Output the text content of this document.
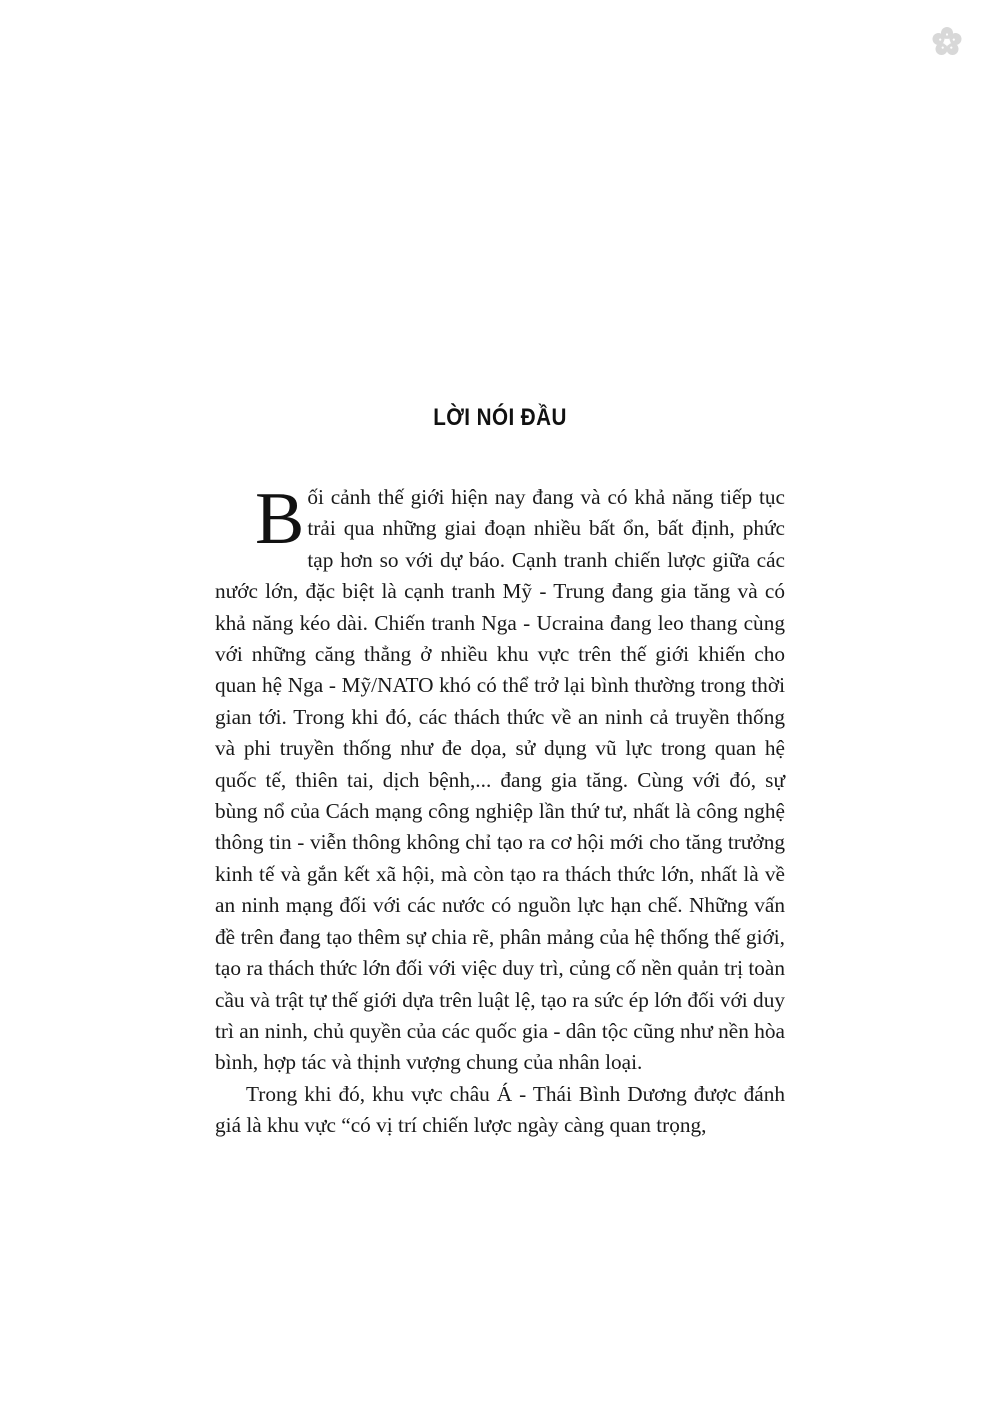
LỜI NÓI ĐẦU

Bối cảnh thế giới hiện nay đang và có khả năng tiếp tục trải qua những giai đoạn nhiều bất ổn, bất định, phức tạp hơn so với dự báo. Cạnh tranh chiến lược giữa các nước lớn, đặc biệt là cạnh tranh Mỹ - Trung đang gia tăng và có khả năng kéo dài. Chiến tranh Nga - Ucraina đang leo thang cùng với những căng thẳng ở nhiều khu vực trên thế giới khiến cho quan hệ Nga - Mỹ/NATO khó có thể trở lại bình thường trong thời gian tới. Trong khi đó, các thách thức về an ninh cả truyền thống và phi truyền thống như đe dọa, sử dụng vũ lực trong quan hệ quốc tế, thiên tai, dịch bệnh,... đang gia tăng. Cùng với đó, sự bùng nổ của Cách mạng công nghiệp lần thứ tư, nhất là công nghệ thông tin - viễn thông không chỉ tạo ra cơ hội mới cho tăng trưởng kinh tế và gắn kết xã hội, mà còn tạo ra thách thức lớn, nhất là về an ninh mạng đối với các nước có nguồn lực hạn chế. Những vấn đề trên đang tạo thêm sự chia rẽ, phân mảng của hệ thống thế giới, tạo ra thách thức lớn đối với việc duy trì, củng cố nền quản trị toàn cầu và trật tự thế giới dựa trên luật lệ, tạo ra sức ép lớn đối với duy trì an ninh, chủ quyền của các quốc gia - dân tộc cũng như nền hòa bình, hợp tác và thịnh vượng chung của nhân loại.

Trong khi đó, khu vực châu Á - Thái Bình Dương được đánh giá là khu vực “có vị trí chiến lược ngày càng quan trọng,
